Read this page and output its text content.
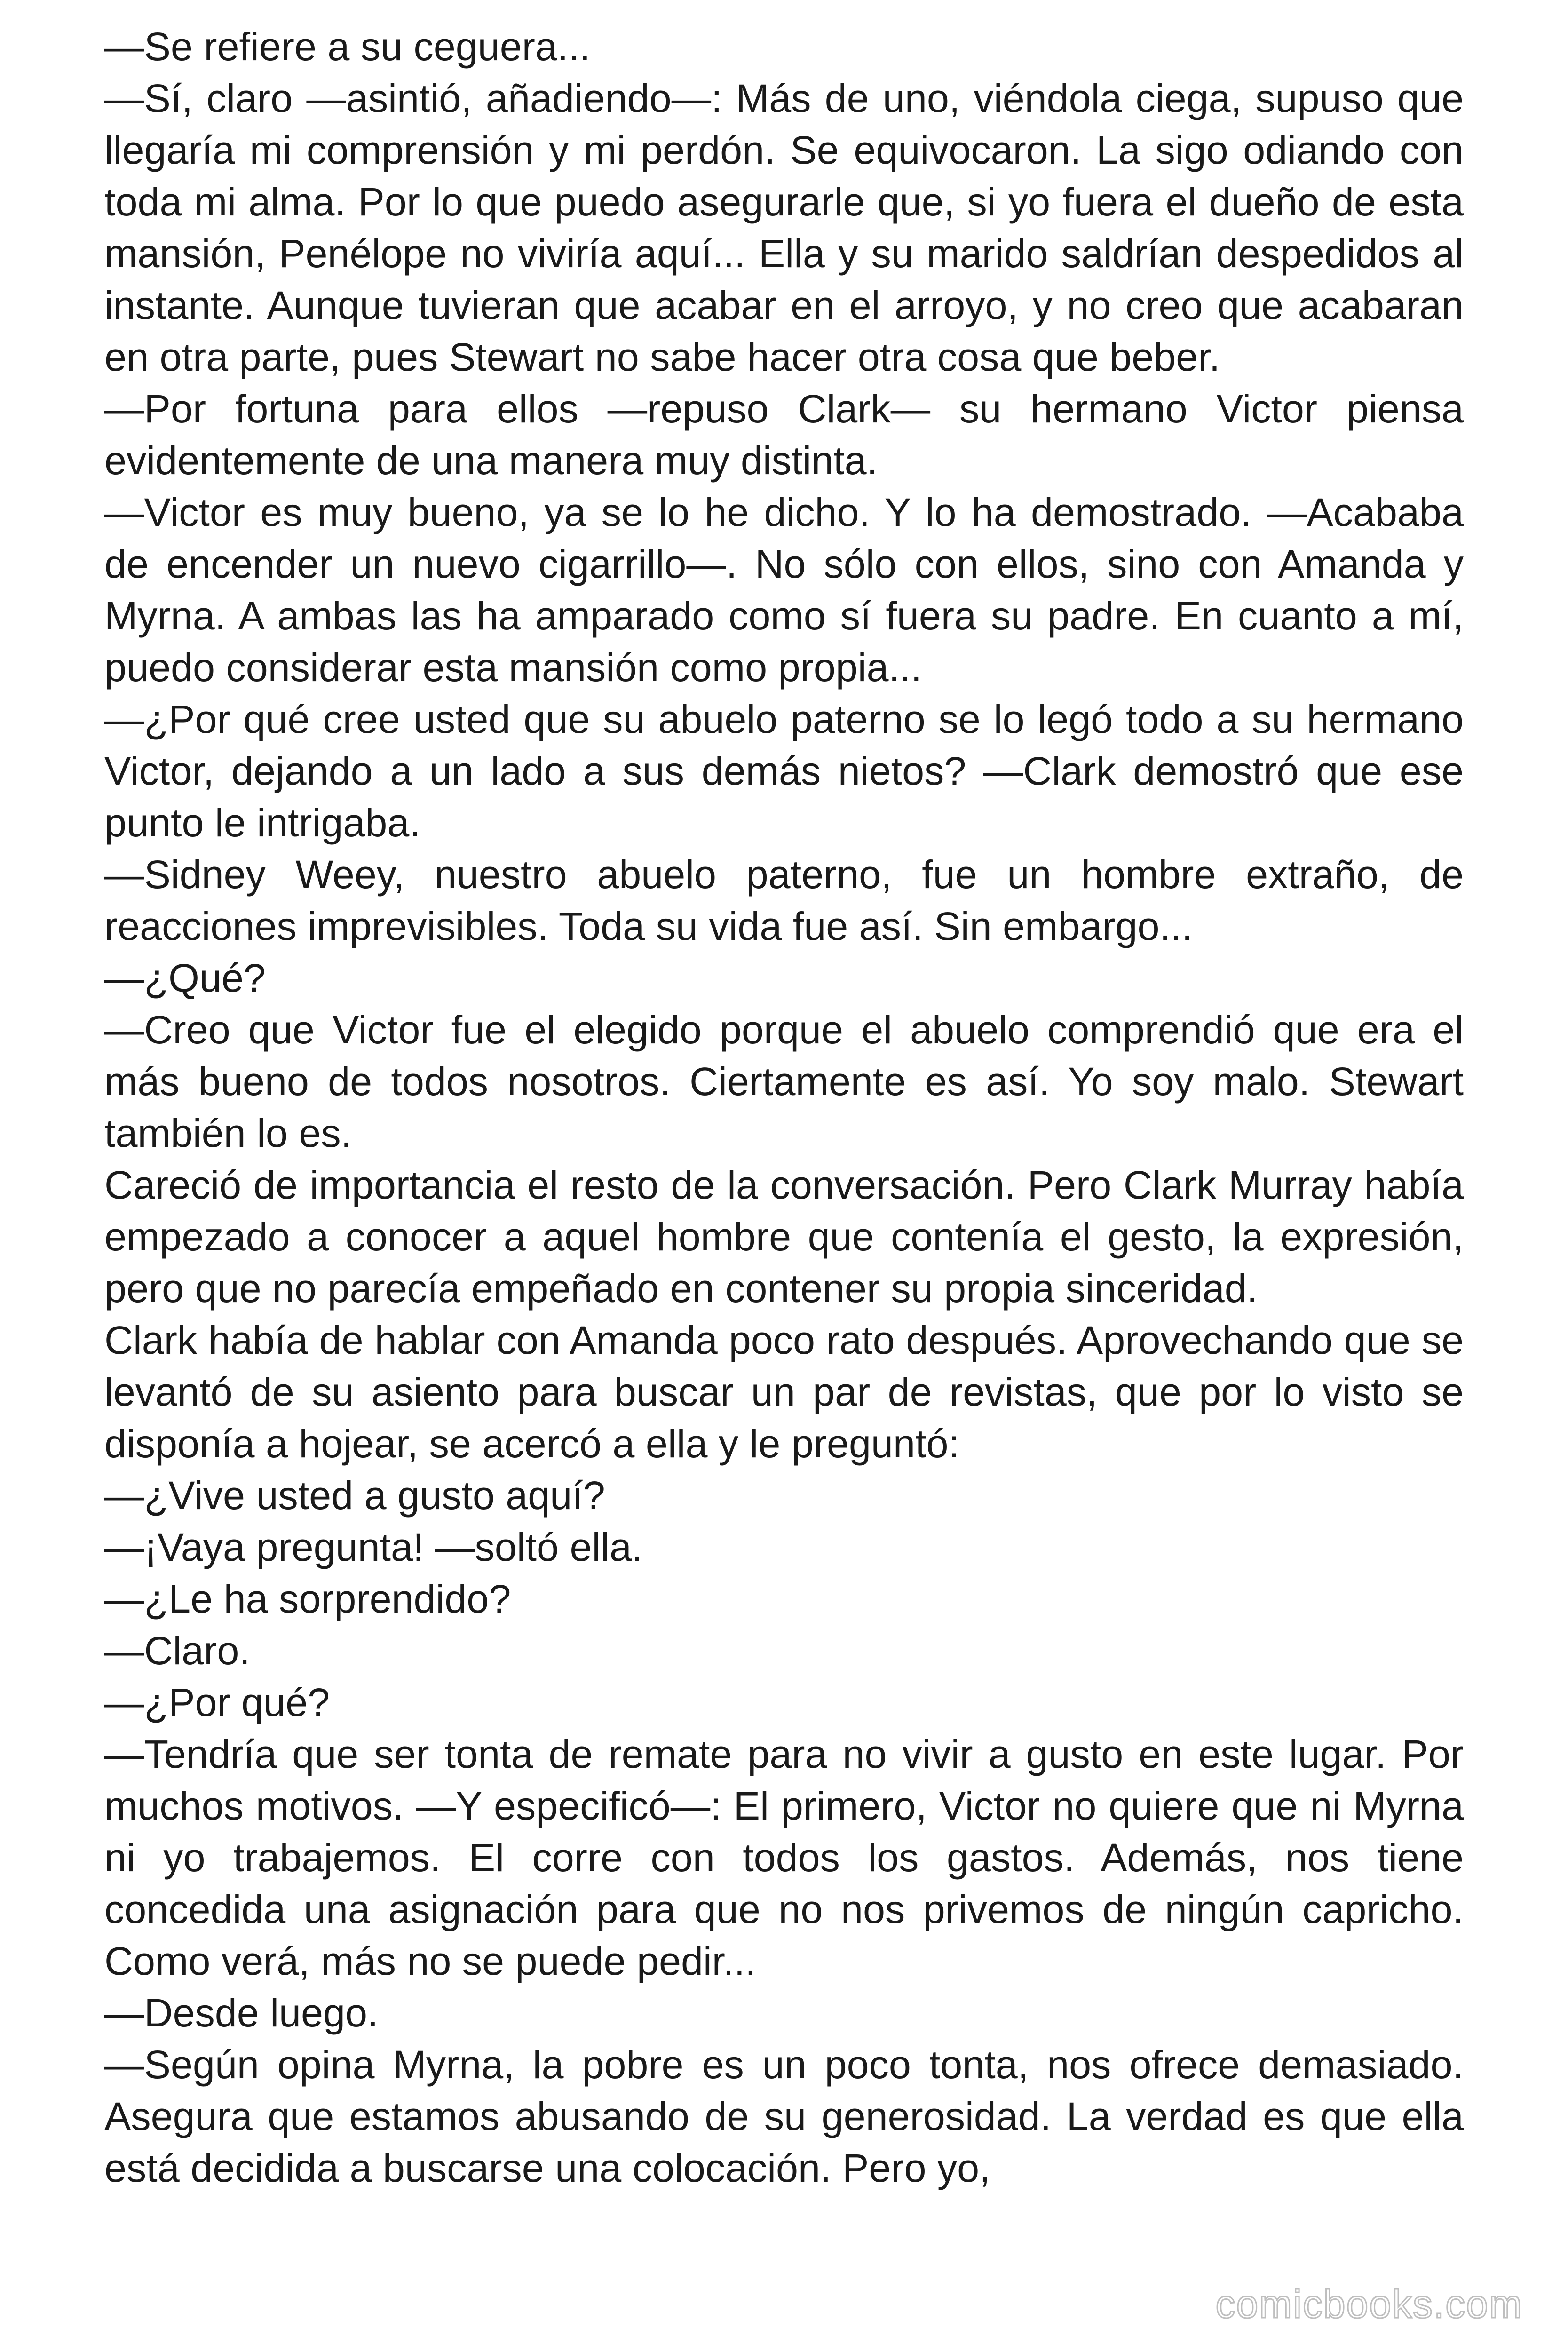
—Se refiere a su ceguera...

—Sí, claro —asintió, añadiendo—: Más de uno, viéndola ciega, supuso que llegaría mi comprensión y mi perdón. Se equivocaron. La sigo odiando con toda mi alma. Por lo que puedo asegurarle que, si yo fuera el dueño de esta mansión, Penélope no viviría aquí... Ella y su marido saldrían despedidos al instante. Aunque tuvieran que acabar en el arroyo, y no creo que acabaran en otra parte, pues Stewart no sabe hacer otra cosa que beber.

—Por fortuna para ellos —repuso Clark— su hermano Victor piensa evidentemente de una manera muy distinta.

—Victor es muy bueno, ya se lo he dicho. Y lo ha demostrado. —Acababa de encender un nuevo cigarrillo—. No sólo con ellos, sino con Amanda y Myrna. A ambas las ha amparado como sí fuera su padre. En cuanto a mí, puedo considerar esta mansión como propia...

—¿Por qué cree usted que su abuelo paterno se lo legó todo a su hermano Victor, dejando a un lado a sus demás nietos? —Clark demostró que ese punto le intrigaba.

—Sidney Weey, nuestro abuelo paterno, fue un hombre extraño, de reacciones imprevisibles. Toda su vida fue así. Sin embargo...

—¿Qué?

—Creo que Victor fue el elegido porque el abuelo comprendió que era el más bueno de todos nosotros. Ciertamente es así. Yo soy malo. Stewart también lo es.

Careció de importancia el resto de la conversación. Pero Clark Murray había empezado a conocer a aquel hombre que contenía el gesto, la expresión, pero que no parecía empeñado en contener su propia sinceridad.

Clark había de hablar con Amanda poco rato después. Aprovechando que se levantó de su asiento para buscar un par de revistas, que por lo visto se disponía a hojear, se acercó a ella y le preguntó:

—¿Vive usted a gusto aquí?

—¡Vaya pregunta! —soltó ella.

—¿Le ha sorprendido?

—Claro.

—¿Por qué?

—Tendría que ser tonta de remate para no vivir a gusto en este lugar. Por muchos motivos. —Y especificó—: El primero, Victor no quiere que ni Myrna ni yo trabajemos. El corre con todos los gastos. Además, nos tiene concedida una asignación para que no nos privemos de ningún capricho. Como verá, más no se puede pedir...

—Desde luego.

—Según opina Myrna, la pobre es un poco tonta, nos ofrece demasiado. Asegura que estamos abusando de su generosidad. La verdad es que ella está decidida a buscarse una colocación. Pero yo,

comicbooks.com
